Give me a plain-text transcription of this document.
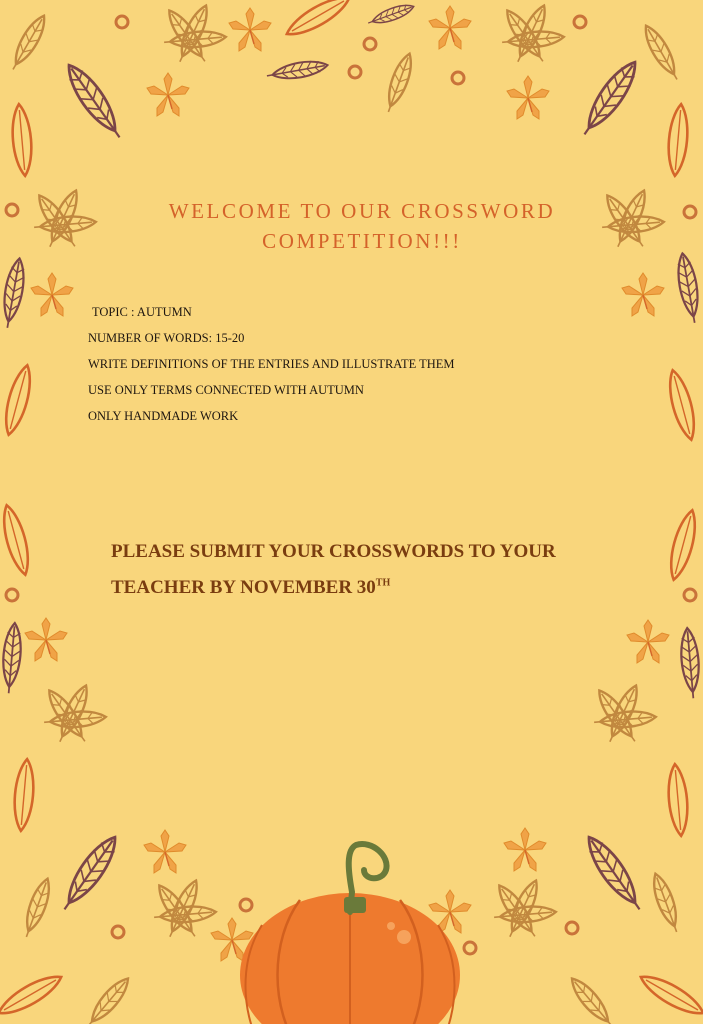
WELCOME TO OUR CROSSWORD
COMPETITION!!!
TOPIC : AUTUMN
NUMBER OF WORDS: 15-20
WRITE DEFINITIONS OF THE ENTRIES AND ILLUSTRATE THEM
USE ONLY TERMS CONNECTED WITH AUTUMN
ONLY HANDMADE WORK

PLEASE SUBMIT YOUR CROSSWORDS TO YOUR
TEACHER BY NOVEMBER 30TH
